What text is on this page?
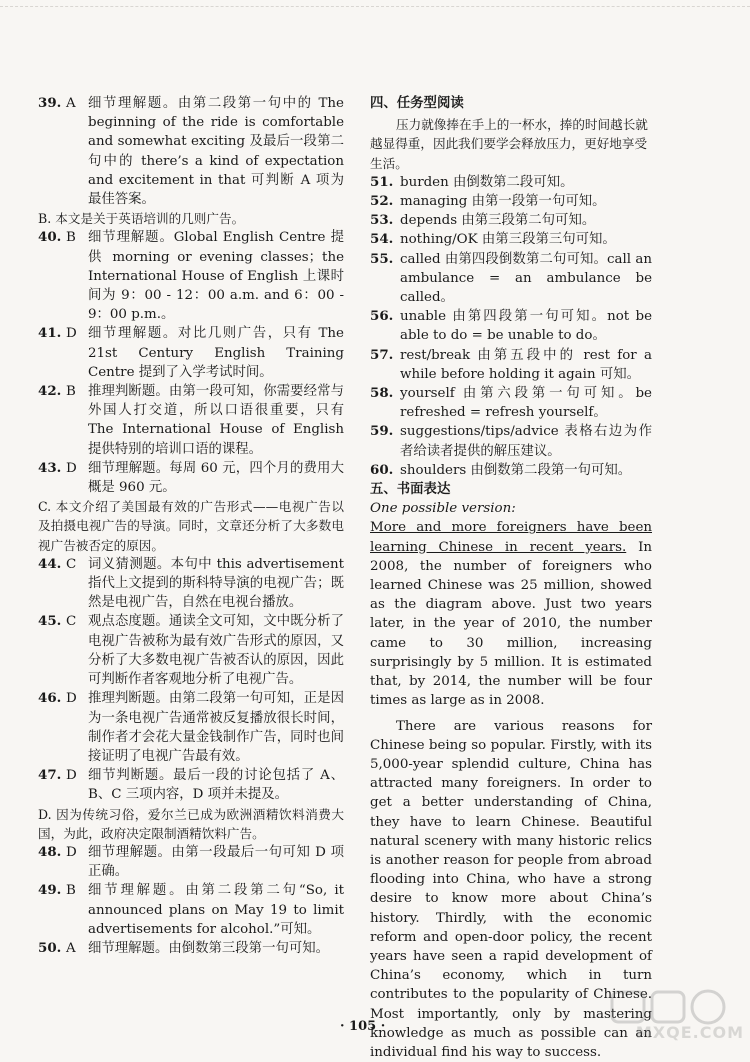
39. A 细节理解题。由第二段第一句中的 The beginning of the ride is comfortable and somewhat exciting 及最后一段第二句中的 there’s a kind of expectation and excitement in that 可判断 A 项为最佳答案。

B. 本文是关于英语培训的几则广告。

40. B 细节理解题。Global English Centre 提供 morning or evening classes；the International House of English 上课时间为 9：00 - 12：00 a.m. and 6：00 - 9：00 p.m.。
41. D 细节理解题。对比几则广告，只有 The 21st Century English Training Centre 提到了入学考试时间。
42. B 推理判断题。由第一段可知，你需要经常与外国人打交道，所以口语很重要，只有 The International House of English 提供特别的培训口语的课程。
43. D 细节理解题。每周 60 元，四个月的费用大概是 960 元。

C. 本文介绍了美国最有效的广告形式——电视广告以及拍摄电视广告的导演。同时，文章还分析了大多数电视广告被否定的原因。

44. C 词义猜测题。本句中 this advertisement 指代上文提到的斯科特导演的电视广告；既然是电视广告，自然在电视台播放。
45. C 观点态度题。通读全文可知，文中既分析了电视广告被称为最有效广告形式的原因，又分析了大多数电视广告被否认的原因，因此可判断作者客观地分析了电视广告。
46. D 推理判断题。由第二段第一句可知，正是因为一条电视广告通常被反复播放很长时间，制作者才会花大量金钱制作广告，同时也间接证明了电视广告最有效。
47. D 细节判断题。最后一段的讨论包括了 A、B、C 三项内容，D 项并未提及。

D. 因为传统习俗，爱尔兰已成为欧洲酒精饮料消费大国，为此，政府决定限制酒精饮料广告。

48. D 细节理解题。由第一段最后一句可知 D 项正确。
49. B 细节理解题。由第二段第二句“So, it announced plans on May 19 to limit advertisements for alcohol.”可知。
50. A 细节理解题。由倒数第三段第一句可知。

四、任务型阅读

压力就像捧在手上的一杯水，捧的时间越长就越显得重，因此我们要学会释放压力，更好地享受生活。

51. burden 由倒数第二段可知。
52. managing 由第一段第一句可知。
53. depends 由第三段第二句可知。
54. nothing/OK 由第三段第三句可知。
55. called 由第四段倒数第二句可知。call an ambulance = an ambulance be called。
56. unable 由第四段第一句可知。not be able to do = be unable to do。
57. rest/break 由第五段中的 rest for a while before holding it again 可知。
58. yourself 由第六段第一句可知。be refreshed = refresh yourself。
59. suggestions/tips/advice 表格右边为作者给读者提供的解压建议。
60. shoulders 由倒数第二段第一句可知。

五、书面表达

One possible version:

More and more foreigners have been learning Chinese in recent years. In 2008, the number of foreigners who learned Chinese was 25 million, showed as the diagram above. Just two years later, in the year of 2010, the number came to 30 million, increasing surprisingly by 5 million. It is estimated that, by 2014, the number will be four times as large as in 2008.

There are various reasons for Chinese being so popular. Firstly, with its 5,000-year splendid culture, China has attracted many foreigners. In order to get a better understanding of China, they have to learn Chinese. Beautiful natural scenery with many historic relics is another reason for people from abroad flooding into China, who have a strong desire to know more about China’s history. Thirdly, with the economic reform and open-door policy, the recent years have seen a rapid development of China’s economy, which in turn contributes to the popularity of Chinese. Most importantly, only by mastering knowledge as much as possible can an individual find his way to success.

· 105 ·	MXQE.COM
